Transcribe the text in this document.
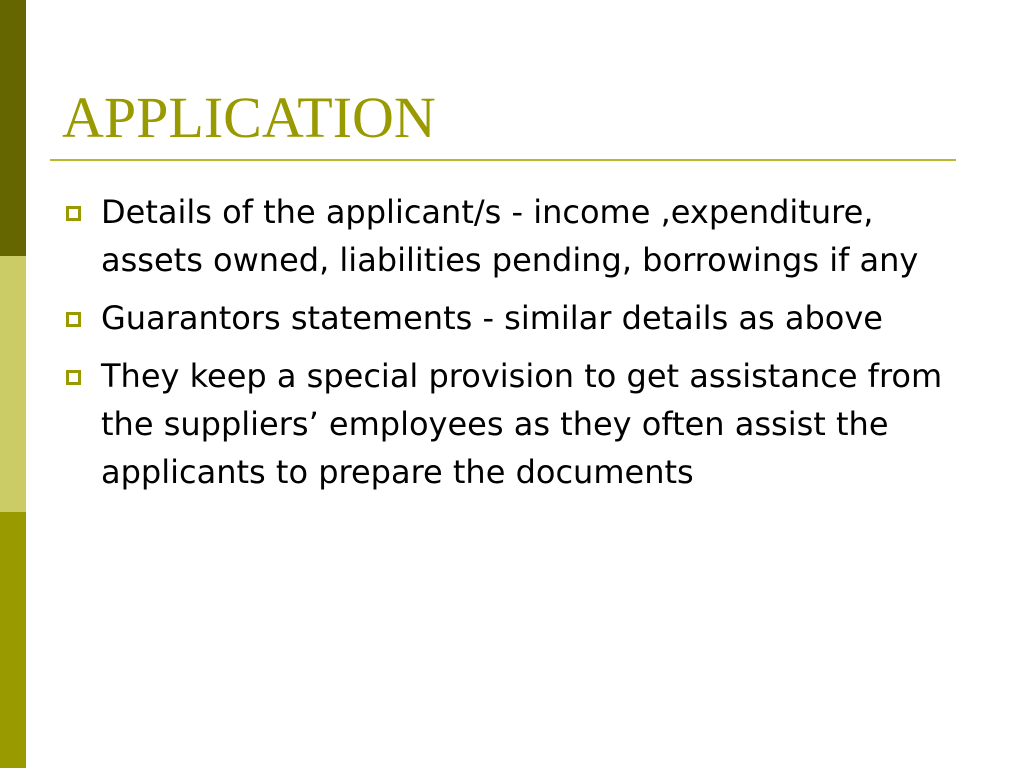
APPLICATION
Details of the applicant/s - income ,expenditure, assets owned, liabilities pending, borrowings if any
Guarantors statements - similar details as above
They keep a special provision to get assistance from the suppliers’ employees as they often assist the applicants to prepare the documents
